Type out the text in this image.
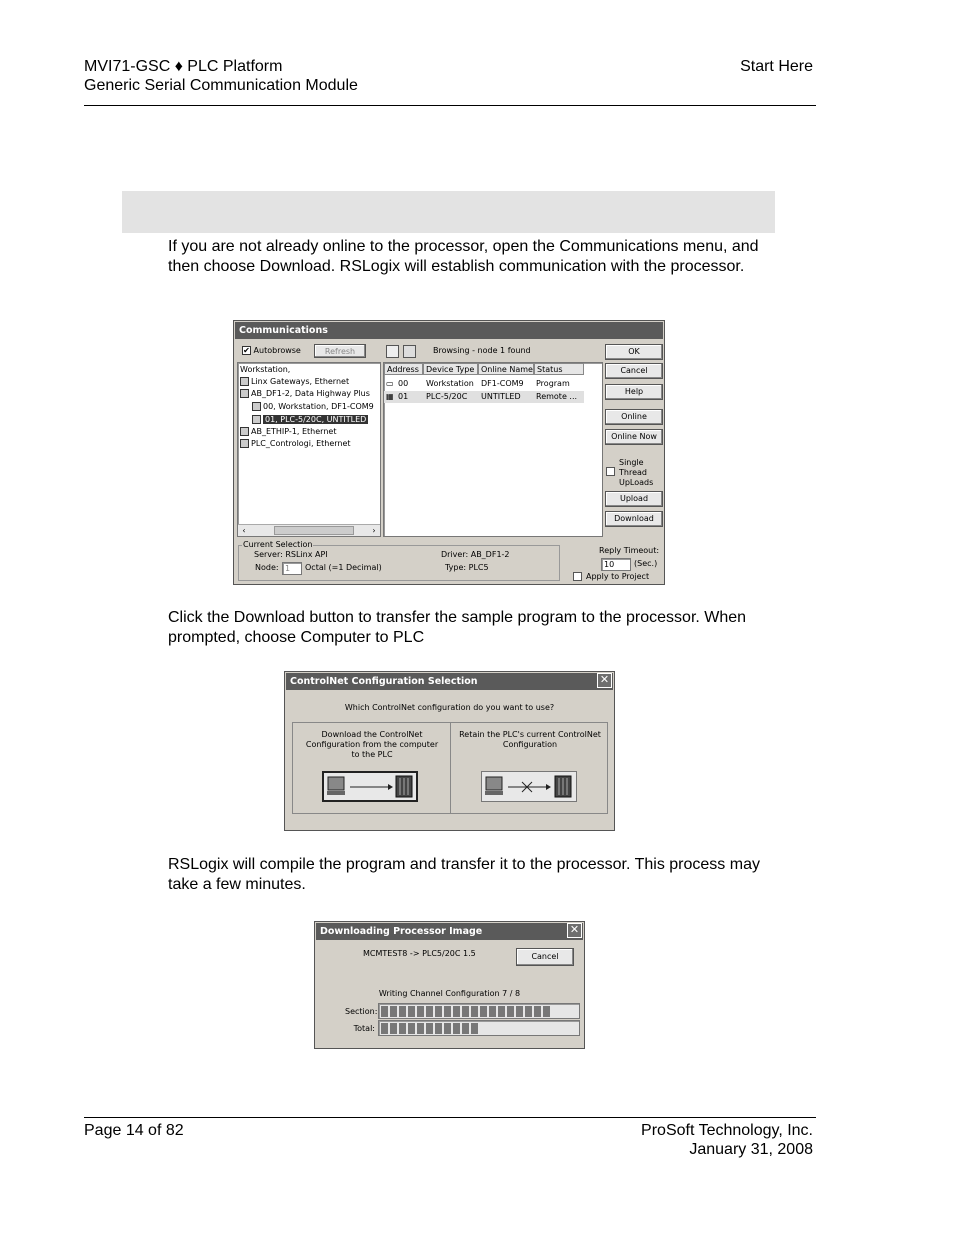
MVI71-GSC ♦ PLC Platform
Generic Serial Communication Module
Start Here
If you are not already online to the processor, open the Communications menu, and then choose Download. RSLogix will establish communication with the processor.
Communications
✔ Autobrowse	Refresh	Browsing - node 1 found
Workstation,
Linx Gateways, Ethernet
AB_DF1-2, Data Highway Plus
00, Workstation, DF1-COM9
01, PLC-5/20C, UNTITLED
AB_ETHIP-1, Ethernet
PLC_Contrologi, Ethernet
‹	›
Address Device Type Online Name Status
▭ 00 Workstation DF1-COM9 Program
▦ 01 PLC-5/20C UNTITLED Remote ...
OK
Cancel
Help
Online
Online Now
Single Thread UpLoads
Upload
Download
Current Selection
Server: RSLinx API	Driver: AB_DF1-2
Node: 1	Octal (=1 Decimal)	Type: PLC5
Reply Timeout:
10	(Sec.)
Apply to Project
Click the Download button to transfer the sample program to the processor. When prompted, choose Computer to PLC
ControlNet Configuration Selection	✕
Which ControlNet configuration do you want to use?
Download the ControlNet Configuration from the computer to the PLC
Retain the PLC's current ControlNet Configuration
RSLogix will compile the program and transfer it to the processor. This process may take a few minutes.
Downloading Processor Image	✕
MCMTEST8 -> PLC5/20C 1.5	Cancel
Writing Channel Configuration 7 / 8
Section:
Total:
Page 14 of 82	ProSoft Technology, Inc.
January 31, 2008
